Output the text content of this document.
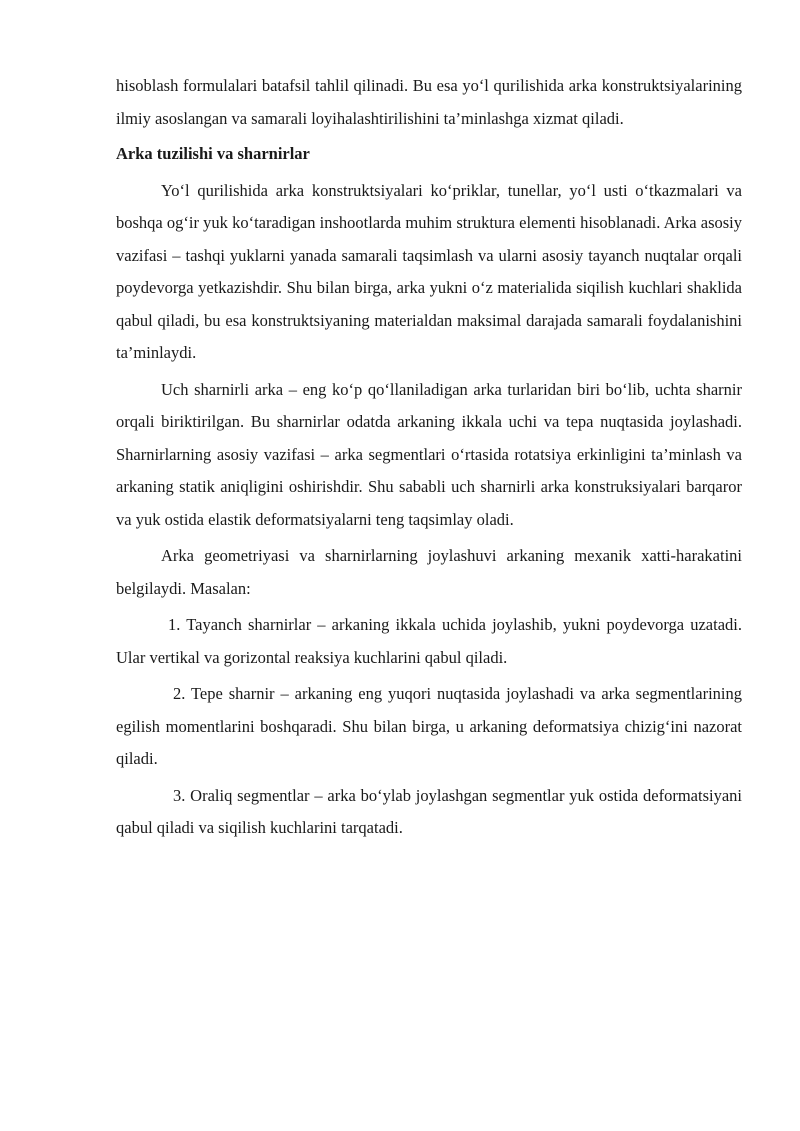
hisoblash formulalari batafsil tahlil qilinadi. Bu esa yo‘l qurilishida arka konstruktsiyalarining ilmiy asoslangan va samarali loyihalashtirilishini ta’minlashga xizmat qiladi.

Arka tuzilishi va sharnirlar

Yo‘l qurilishida arka konstruktsiyalari ko‘priklar, tunellar, yo‘l usti o‘tkazmalari va boshqa og‘ir yuk ko‘taradigan inshootlarda muhim struktura elementi hisoblanadi. Arka asosiy vazifasi – tashqi yuklarni yanada samarali taqsimlash va ularni asosiy tayanch nuqtalar orqali poydevorga yetkazishdir. Shu bilan birga, arka yukni o‘z materialida siqilish kuchlari shaklida qabul qiladi, bu esa konstruktsiyaning materialdan maksimal darajada samarali foydalanishini ta’minlaydi.

Uch sharnirli arka – eng ko‘p qo‘llaniladigan arka turlaridan biri bo‘lib, uchta sharnir orqali biriktirilgan. Bu sharnirlar odatda arkaning ikkala uchi va tepa nuqtasida joylashadi. Sharnirlarning asosiy vazifasi – arka segmentlari o‘rtasida rotatsiya erkinligini ta’minlash va arkaning statik aniqligini oshirishdir. Shu sababli uch sharnirli arka konstruksiyalari barqaror va yuk ostida elastik deformatsiyalarni teng taqsimlay oladi.

Arka geometriyasi va sharnirlarning joylashuvi arkaning mexanik xatti-harakatini belgilaydi. Masalan:

1. Tayanch sharnirlar – arkaning ikkala uchida joylashib, yukni poydevorga uzatadi. Ular vertikal va gorizontal reaksiya kuchlarini qabul qiladi.

2. Tepe sharnir – arkaning eng yuqori nuqtasida joylashadi va arka segmentlarining egilish momentlarini boshqaradi. Shu bilan birga, u arkaning deformatsiya chizig‘ini nazorat qiladi.

3. Oraliq segmentlar – arka bo‘ylab joylashgan segmentlar yuk ostida deformatsiyani qabul qiladi va siqilish kuchlarini tarqatadi.
